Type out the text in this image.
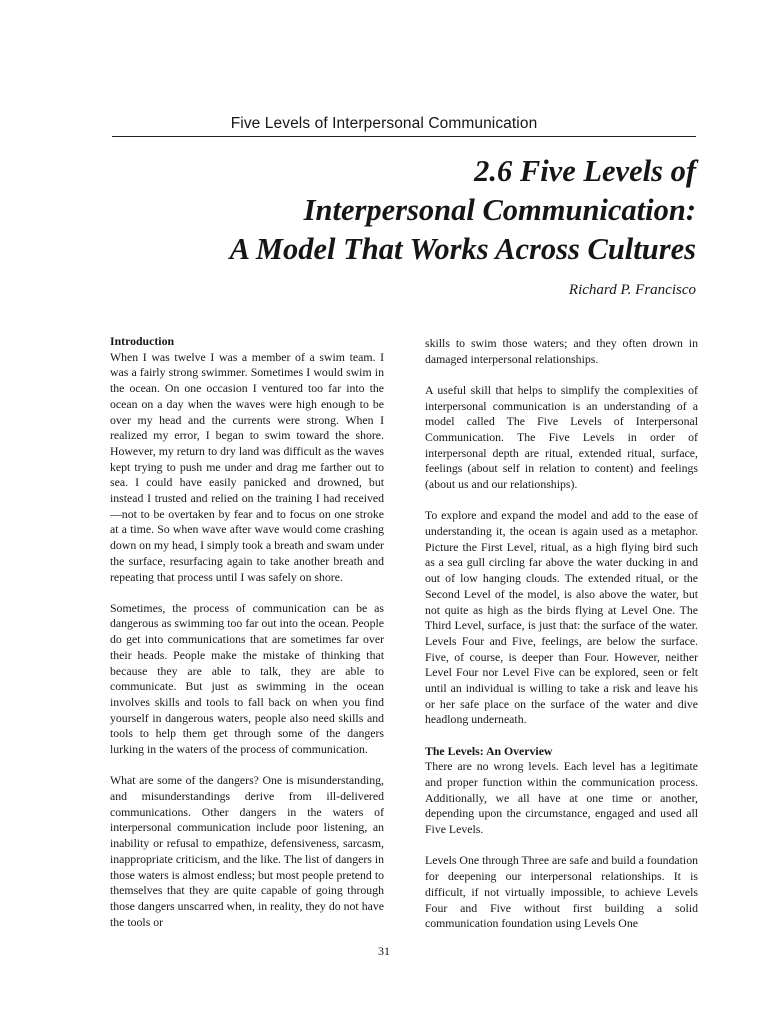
Five Levels of Interpersonal Communication
2.6 Five Levels of
Interpersonal Communication:
A Model That Works Across Cultures
Richard P. Francisco
Introduction

When I was twelve I was a member of a swim team. I was a fairly strong swimmer. Sometimes I would swim in the ocean. On one occasion I ventured too far into the ocean on a day when the waves were high enough to be over my head and the currents were strong. When I realized my error, I began to swim toward the shore. However, my return to dry land was difficult as the waves kept trying to push me under and drag me farther out to sea. I could have easily panicked and drowned, but instead I trusted and relied on the training I had received—not to be overtaken by fear and to focus on one stroke at a time. So when wave after wave would come crashing down on my head, I simply took a breath and swam under the surface, resurfacing again to take another breath and repeating that process until I was safely on shore.

Sometimes, the process of communication can be as dangerous as swimming too far out into the ocean. People do get into communications that are sometimes far over their heads. People make the mistake of thinking that because they are able to talk, they are able to communicate. But just as swimming in the ocean involves skills and tools to fall back on when you find yourself in dangerous waters, people also need skills and tools to help them get through some of the dangers lurking in the waters of the process of communication.

What are some of the dangers? One is misunderstanding, and misunderstandings derive from ill-delivered communications. Other dangers in the waters of interpersonal communication include poor listening, an inability or refusal to empathize, defensiveness, sarcasm, inappropriate criticism, and the like. The list of dangers in those waters is almost endless; but most people pretend to themselves that they are quite capable of going through those dangers unscarred when, in reality, they do not have the tools or

skills to swim those waters; and they often drown in damaged interpersonal relationships.

A useful skill that helps to simplify the complexities of interpersonal communication is an understanding of a model called The Five Levels of Interpersonal Communication. The Five Levels in order of interpersonal depth are ritual, extended ritual, surface, feelings (about self in relation to content) and feelings (about us and our relationships).

To explore and expand the model and add to the ease of understanding it, the ocean is again used as a metaphor. Picture the First Level, ritual, as a high flying bird such as a sea gull circling far above the water ducking in and out of low hanging clouds. The extended ritual, or the Second Level of the model, is also above the water, but not quite as high as the birds flying at Level One. The Third Level, surface, is just that: the surface of the water. Levels Four and Five, feelings, are below the surface. Five, of course, is deeper than Four. However, neither Level Four nor Level Five can be explored, seen or felt until an individual is willing to take a risk and leave his or her safe place on the surface of the water and dive headlong underneath.

The Levels: An Overview

There are no wrong levels. Each level has a legitimate and proper function within the communication process. Additionally, we all have at one time or another, depending upon the circumstance, engaged and used all Five Levels.

Levels One through Three are safe and build a foundation for deepening our interpersonal relationships. It is difficult, if not virtually impossible, to achieve Levels Four and Five without first building a solid communication foundation using Levels One

31
